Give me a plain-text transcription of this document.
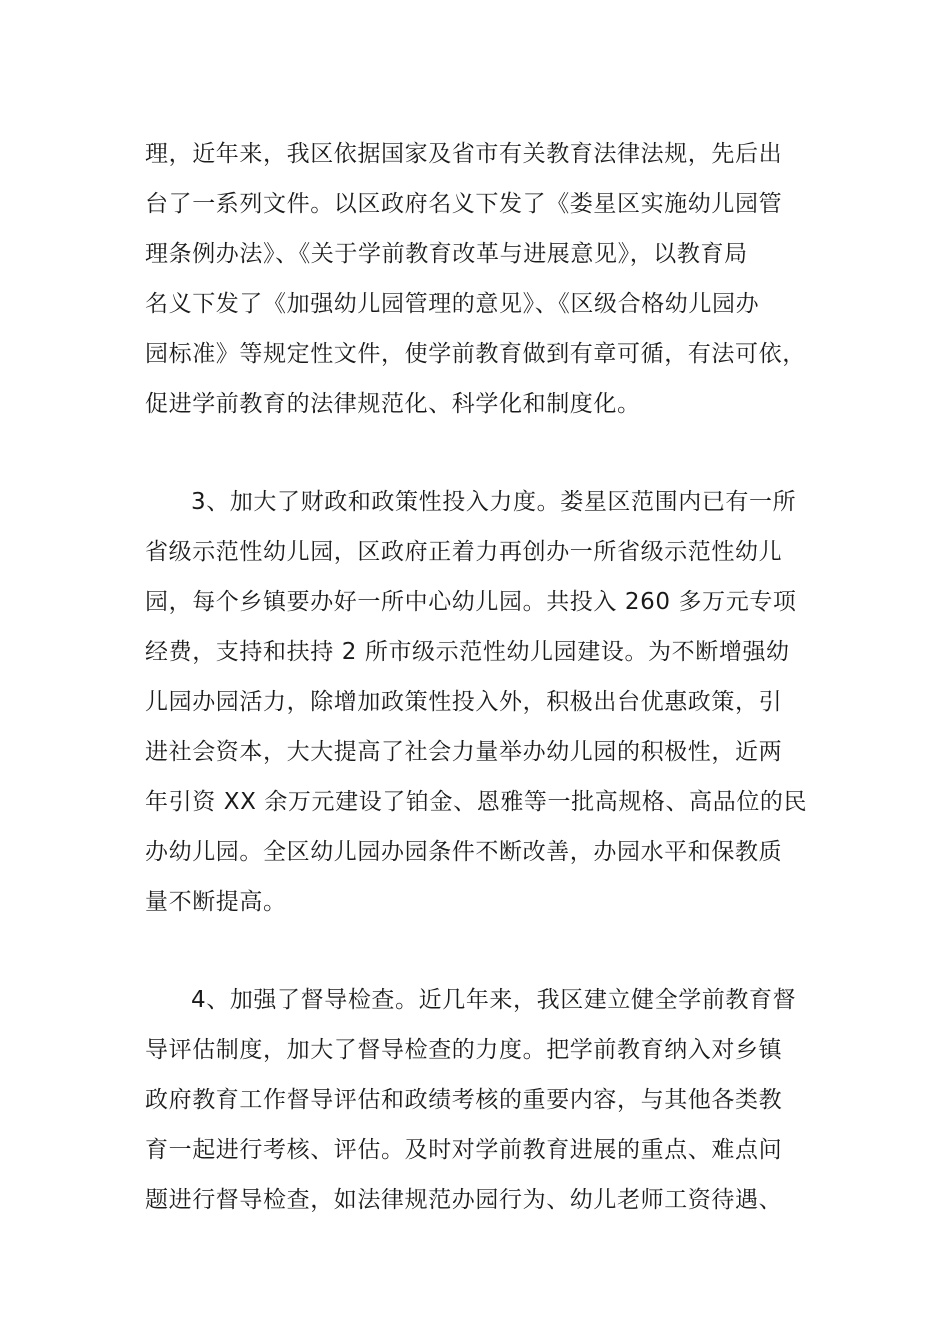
理，近年来，我区依据国家及省市有关教育法律法规，先后出
台了一系列文件。以区政府名义下发了《娄星区实施幼儿园管
理条例办法》、《关于学前教育改革与进展意见》，以教育局
名义下发了《加强幼儿园管理的意见》、《区级合格幼儿园办
园标准》等规定性文件，使学前教育做到有章可循，有法可依，
促进学前教育的法律规范化、科学化和制度化。
3、加大了财政和政策性投入力度。娄星区范围内已有一所
省级示范性幼儿园，区政府正着力再创办一所省级示范性幼儿
园，每个乡镇要办好一所中心幼儿园。共投入 260 多万元专项
经费，支持和扶持 2 所市级示范性幼儿园建设。为不断增强幼
儿园办园活力，除增加政策性投入外，积极出台优惠政策，引
进社会资本，大大提高了社会力量举办幼儿园的积极性，近两
年引资 XX 余万元建设了铂金、恩雅等一批高规格、高品位的民
办幼儿园。全区幼儿园办园条件不断改善，办园水平和保教质
量不断提高。
4、加强了督导检查。近几年来，我区建立健全学前教育督
导评估制度，加大了督导检查的力度。把学前教育纳入对乡镇
政府教育工作督导评估和政绩考核的重要内容，与其他各类教
育一起进行考核、评估。及时对学前教育进展的重点、难点问
题进行督导检查，如法律规范办园行为、幼儿老师工资待遇、
